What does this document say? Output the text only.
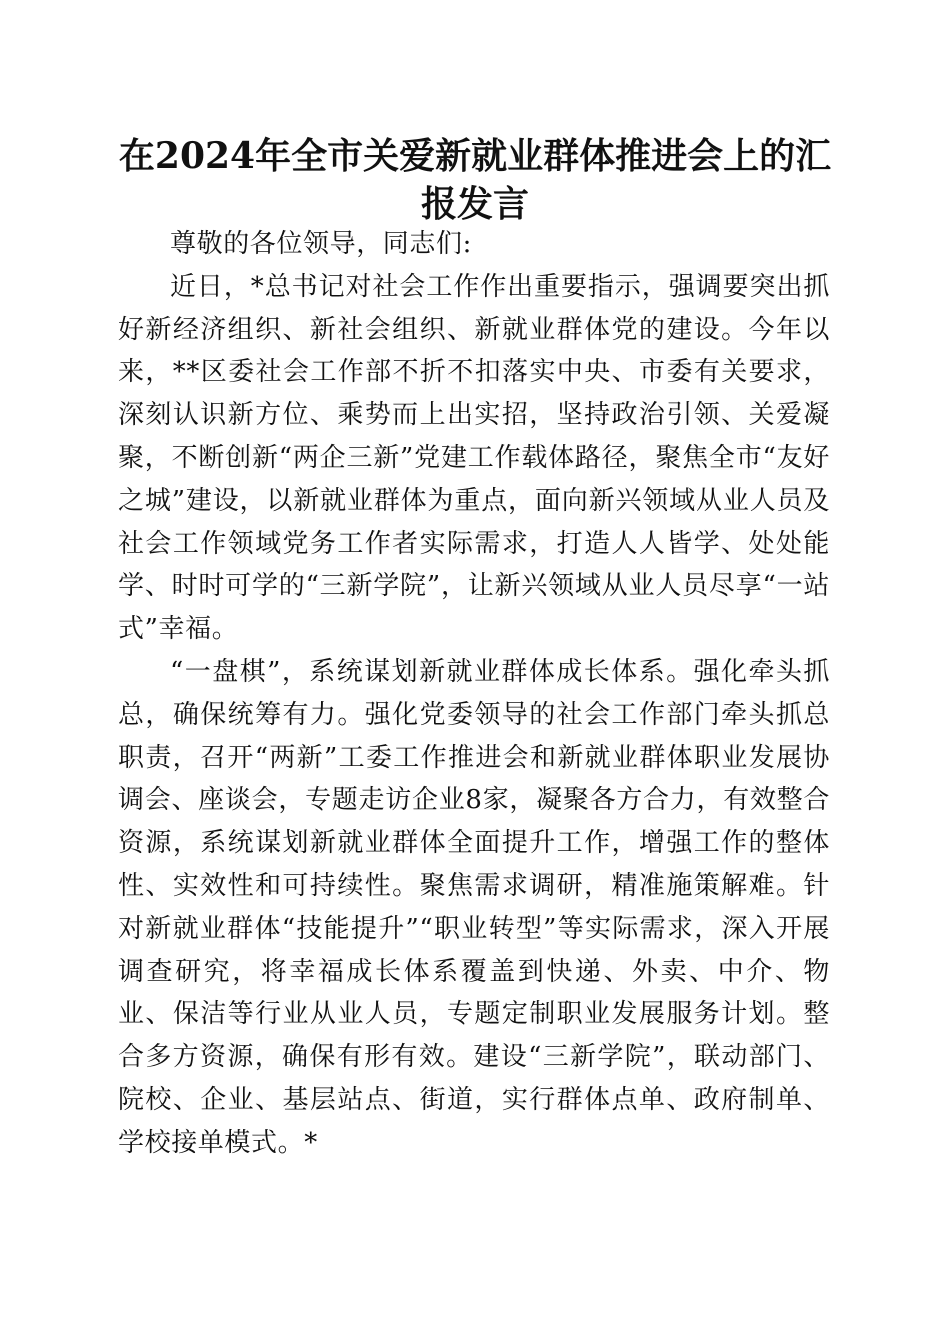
在2024年全市关爱新就业群体推进会上的汇报发言

尊敬的各位领导，同志们:

近日，*总书记对社会工作作出重要指示，强调要突出抓好新经济组织、新社会组织、新就业群体党的建设。今年以来，**区委社会工作部不折不扣落实中央、市委有关要求，深刻认识新方位、乘势而上出实招，坚持政治引领、关爱凝聚，不断创新“两企三新”党建工作载体路径，聚焦全市“友好之城”建设，以新就业群体为重点，面向新兴领域从业人员及社会工作领域党务工作者实际需求，打造人人皆学、处处能学、时时可学的“三新学院”，让新兴领域从业人员尽享“一站式”幸福。

“一盘棋”，系统谋划新就业群体成长体系。强化牵头抓总，确保统筹有力。强化党委领导的社会工作部门牵头抓总职责，召开“两新”工委工作推进会和新就业群体职业发展协调会、座谈会，专题走访企业8家，凝聚各方合力，有效整合资源，系统谋划新就业群体全面提升工作，增强工作的整体性、实效性和可持续性。聚焦需求调研，精准施策解难。针对新就业群体“技能提升”“职业转型”等实际需求，深入开展调查研究，将幸福成长体系覆盖到快递、外卖、中介、物业、保洁等行业从业人员，专题定制职业发展服务计划。整合多方资源，确保有形有效。建设“三新学院”，联动部门、院校、企业、基层站点、街道，实行群体点单、政府制单、学校接单模式。*
